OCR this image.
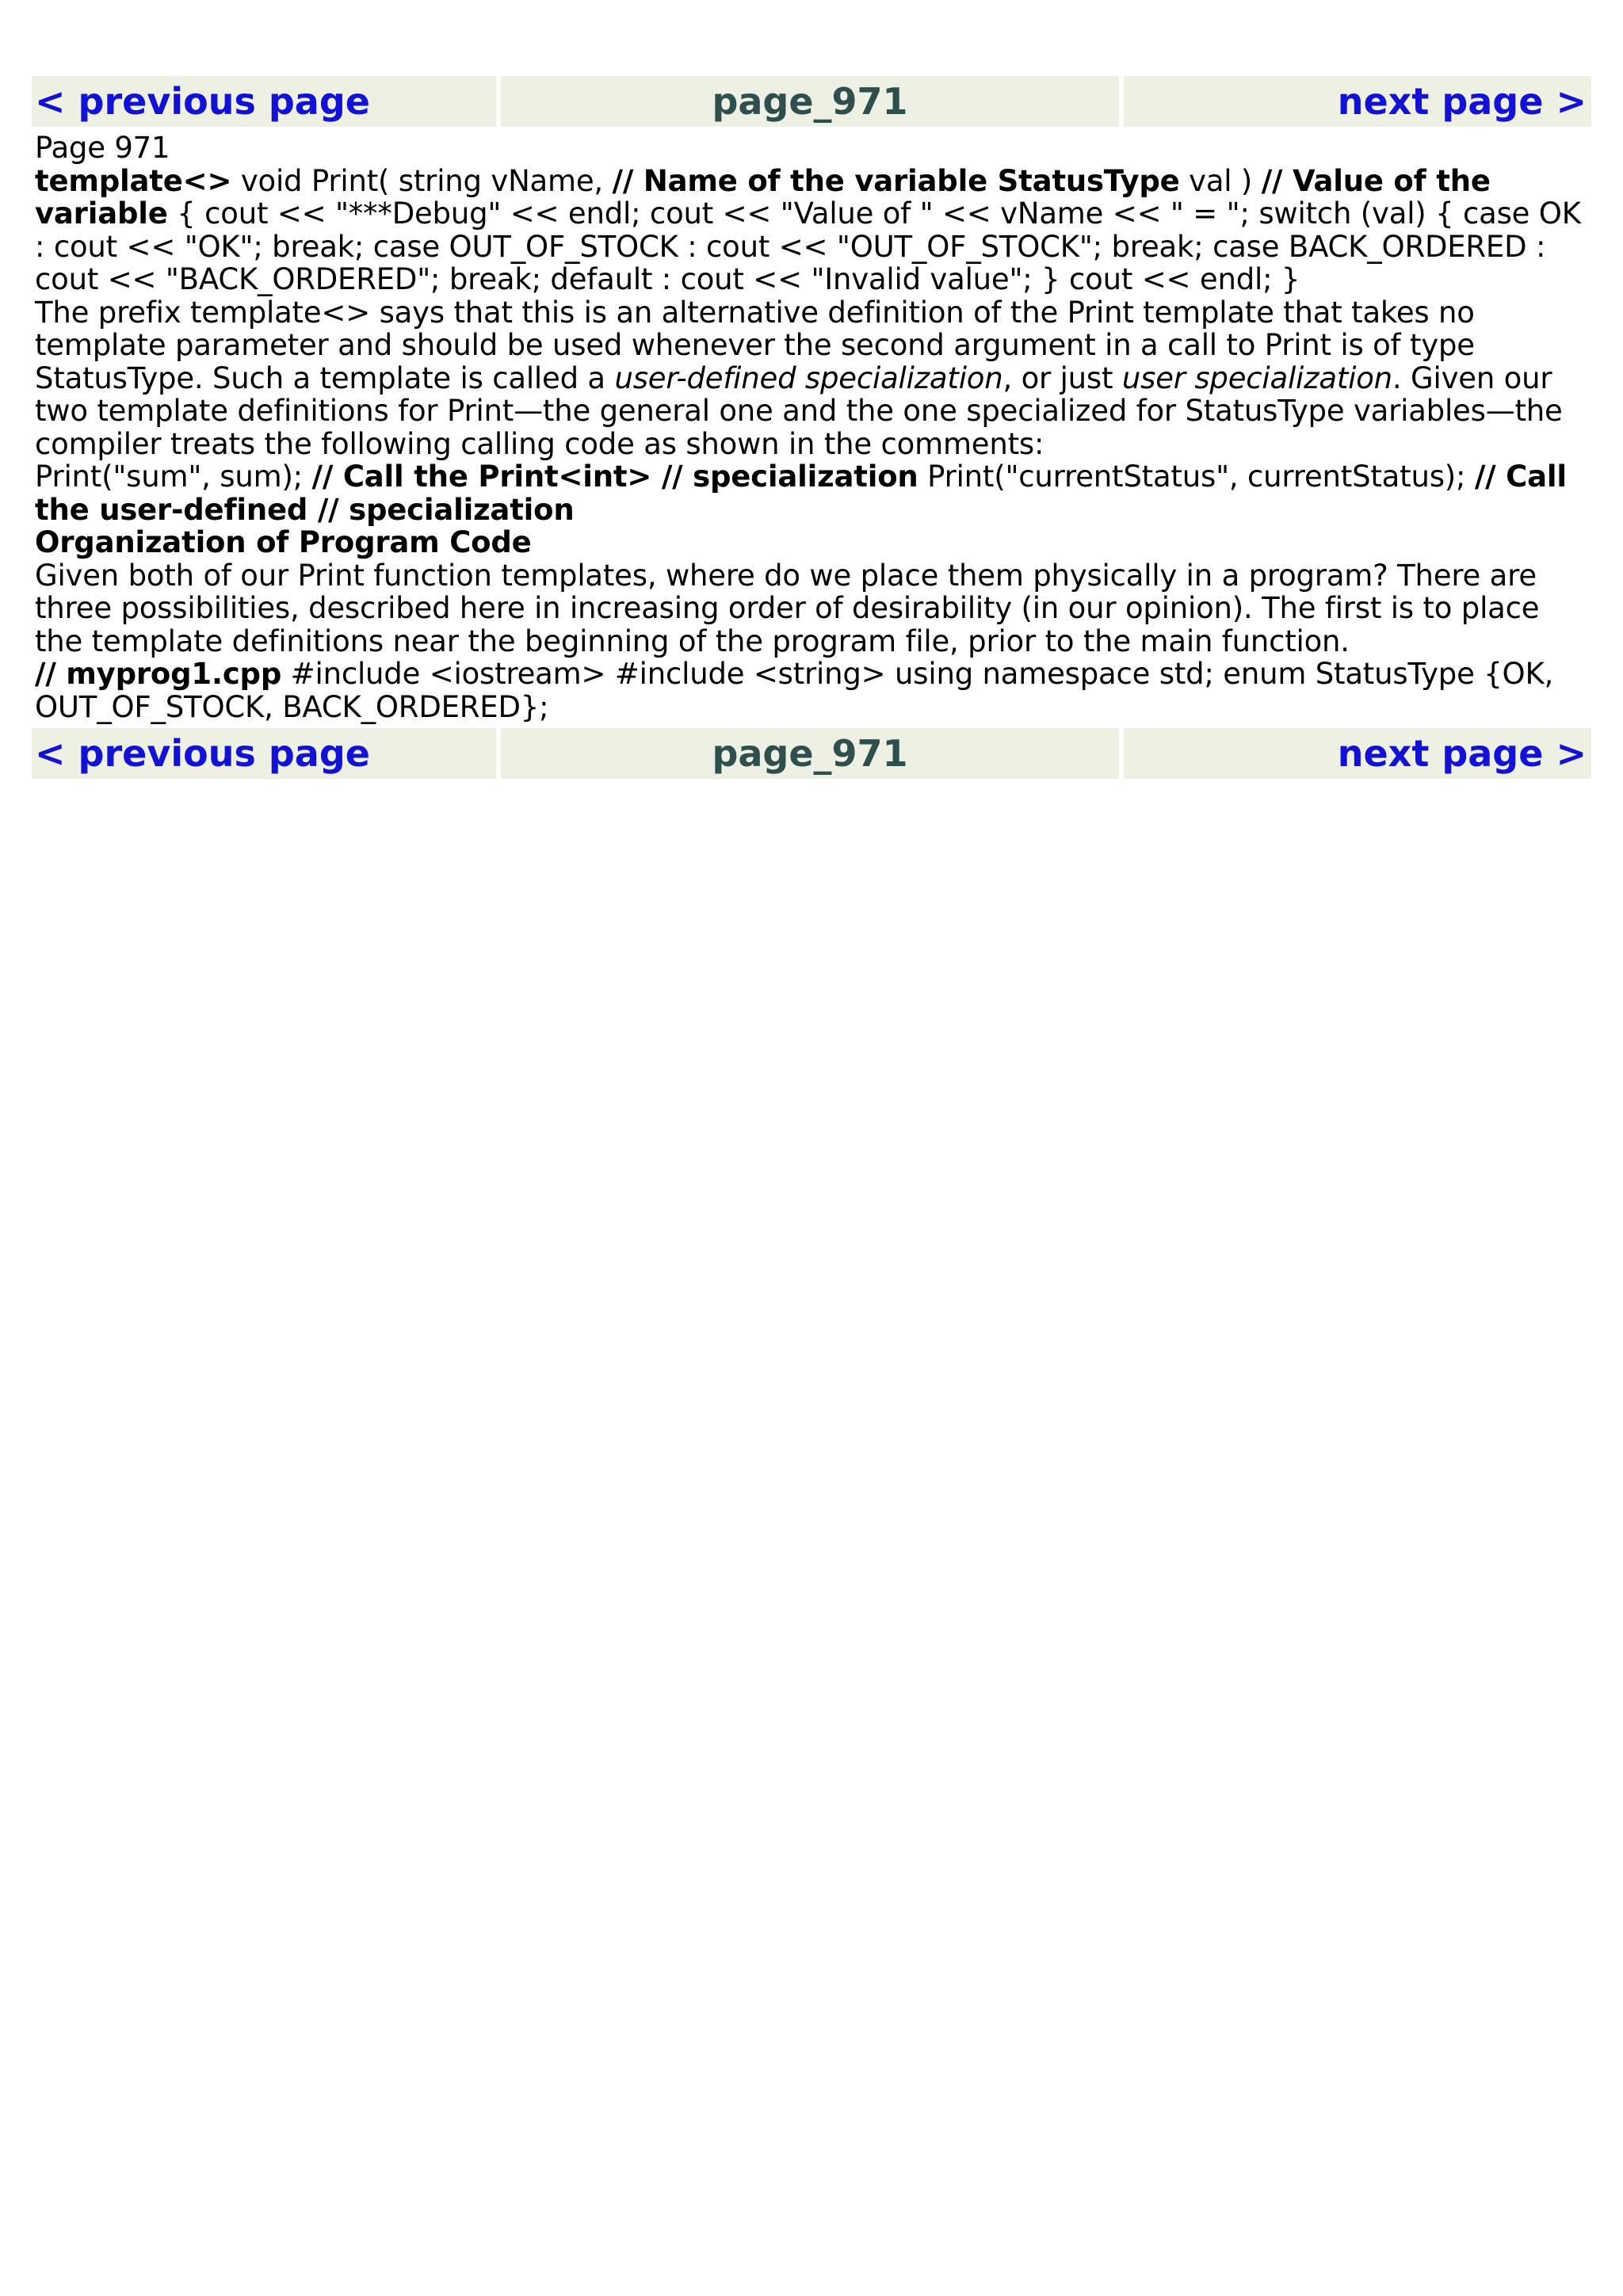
< previous page	page_971	next page >

Page 971

template<> void Print( string vName, // Name of the variable StatusType val ) // Value of the variable { cout << "***Debug" << endl; cout << "Value of " << vName << " = "; switch (val) { case OK : cout << "OK"; break; case OUT_OF_STOCK : cout << "OUT_OF_STOCK"; break; case BACK_ORDERED : cout << "BACK_ORDERED"; break; default : cout << "Invalid value"; } cout << endl; }

The prefix template<> says that this is an alternative definition of the Print template that takes no template parameter and should be used whenever the second argument in a call to Print is of type StatusType. Such a template is called a user-defined specialization, or just user specialization. Given our two template definitions for Print—the general one and the one specialized for StatusType variables—the compiler treats the following calling code as shown in the comments:

Print("sum", sum); // Call the Print<int> // specialization Print("currentStatus", currentStatus); // Call the user-defined // specialization

Organization of Program Code

Given both of our Print function templates, where do we place them physically in a program? There are three possibilities, described here in increasing order of desirability (in our opinion). The first is to place the template definitions near the beginning of the program file, prior to the main function.

// myprog1.cpp #include <iostream> #include <string> using namespace std; enum StatusType {OK, OUT_OF_STOCK, BACK_ORDERED};

< previous page	page_971	next page >
